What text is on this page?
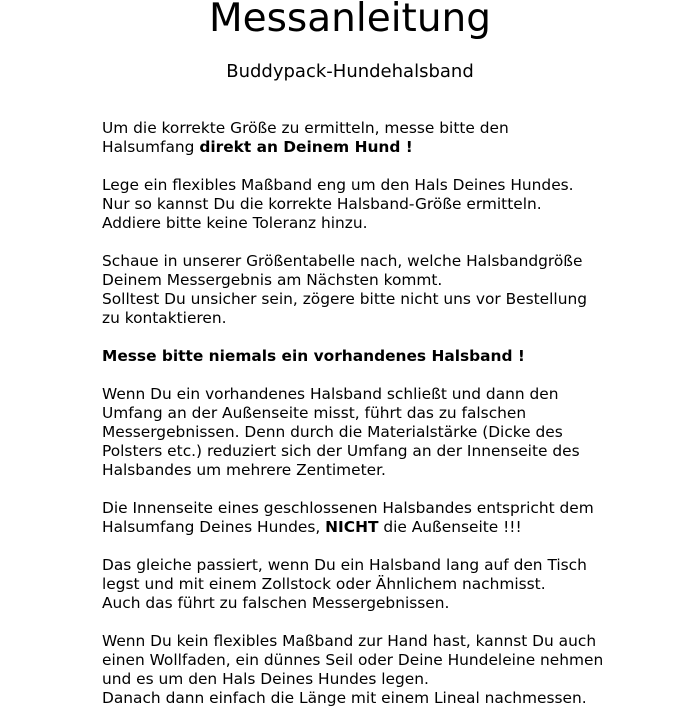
Messanleitung
Buddypack-Hundehalsband

Um die korrekte Größe zu ermitteln, messe bitte den
Halsumfang direkt an Deinem Hund !

Lege ein flexibles Maßband eng um den Hals Deines Hundes.
Nur so kannst Du die korrekte Halsband-Größe ermitteln.
Addiere bitte keine Toleranz hinzu.

Schaue in unserer Größentabelle nach, welche Halsbandgröße
Deinem Messergebnis am Nächsten kommt.
Solltest Du unsicher sein, zögere bitte nicht uns vor Bestellung
zu kontaktieren.

Messe bitte niemals ein vorhandenes Halsband !

Wenn Du ein vorhandenes Halsband schließt und dann den
Umfang an der Außenseite misst, führt das zu falschen
Messergebnissen. Denn durch die Materialstärke (Dicke des
Polsters etc.) reduziert sich der Umfang an der Innenseite des
Halsbandes um mehrere Zentimeter.

Die Innenseite eines geschlossenen Halsbandes entspricht dem
Halsumfang Deines Hundes, NICHT die Außenseite !!!

Das gleiche passiert, wenn Du ein Halsband lang auf den Tisch
legst und mit einem Zollstock oder Ähnlichem nachmisst.
Auch das führt zu falschen Messergebnissen.

Wenn Du kein flexibles Maßband zur Hand hast, kannst Du auch
einen Wollfaden, ein dünnes Seil oder Deine Hundeleine nehmen
und es um den Hals Deines Hundes legen.
Danach dann einfach die Länge mit einem Lineal nachmessen.
